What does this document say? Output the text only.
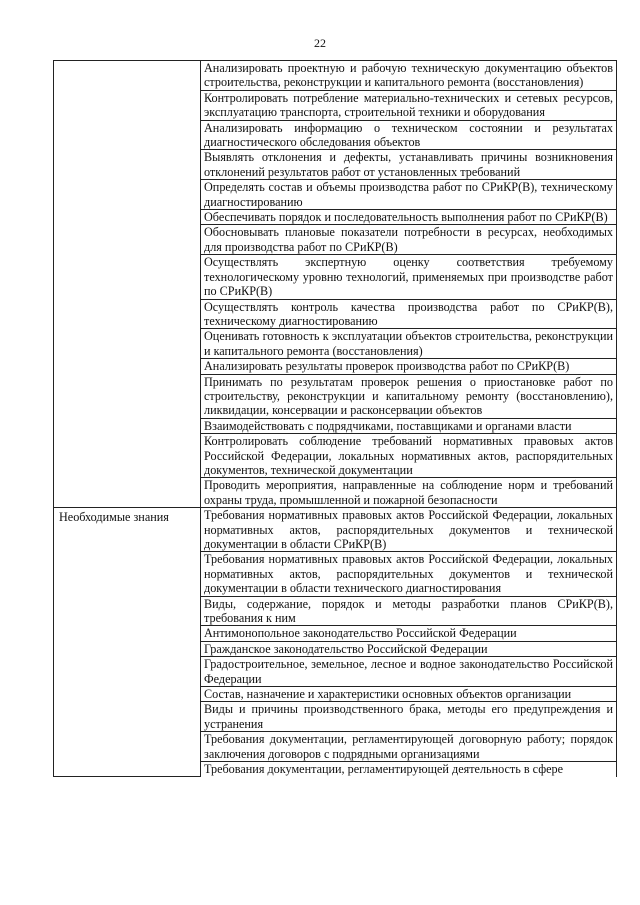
22
	Анализировать проектную и рабочую техническую документацию объектов строительства, реконструкции и капитального ремонта (восстановления)
	Контролировать потребление материально-технических и сетевых ресурсов, эксплуатацию транспорта, строительной техники и оборудования
	Анализировать информацию о техническом состоянии и результатах диагностического обследования объектов
	Выявлять отклонения и дефекты, устанавливать причины возникновения отклонений результатов работ от установленных требований
	Определять состав и объемы производства работ по СРиКР(В), техническому диагностированию
	Обеспечивать порядок и последовательность выполнения работ по СРиКР(В)
	Обосновывать плановые показатели потребности в ресурсах, необходимых для производства работ по СРиКР(В)
	Осуществлять экспертную оценку соответствия требуемому технологическому уровню технологий, применяемых при производстве работ по СРиКР(В)
	Осуществлять контроль качества производства работ по СРиКР(В), техническому диагностированию
	Оценивать готовность к эксплуатации объектов строительства, реконструкции и капитального ремонта (восстановления)
	Анализировать результаты проверок производства работ по СРиКР(В)
	Принимать по результатам проверок решения о приостановке работ по строительству, реконструкции и капитальному ремонту (восстановлению), ликвидации, консервации и расконсервации объектов
	Взаимодействовать с подрядчиками, поставщиками и органами власти
	Контролировать соблюдение требований нормативных правовых актов Российской Федерации, локальных нормативных актов, распорядительных документов, технической документации
	Проводить мероприятия, направленные на соблюдение норм и требований охраны труда, промышленной и пожарной безопасности
Необходимые знания	Требования нормативных правовых актов Российской Федерации, локальных нормативных актов, распорядительных документов и технической документации в области СРиКР(В)
	Требования нормативных правовых актов Российской Федерации, локальных нормативных актов, распорядительных документов и технической документации в области технического диагностирования
	Виды, содержание, порядок и методы разработки планов СРиКР(В), требования к ним
	Антимонопольное законодательство Российской Федерации
	Гражданское законодательство Российской Федерации
	Градостроительное, земельное, лесное и водное законодательство Российской Федерации
	Состав, назначение и характеристики основных объектов организации
	Виды и причины производственного брака, методы его предупреждения и устранения
	Требования документации, регламентирующей договорную работу; порядок заключения договоров с подрядными организациями
	Требования документации, регламентирующей деятельность в сфере
